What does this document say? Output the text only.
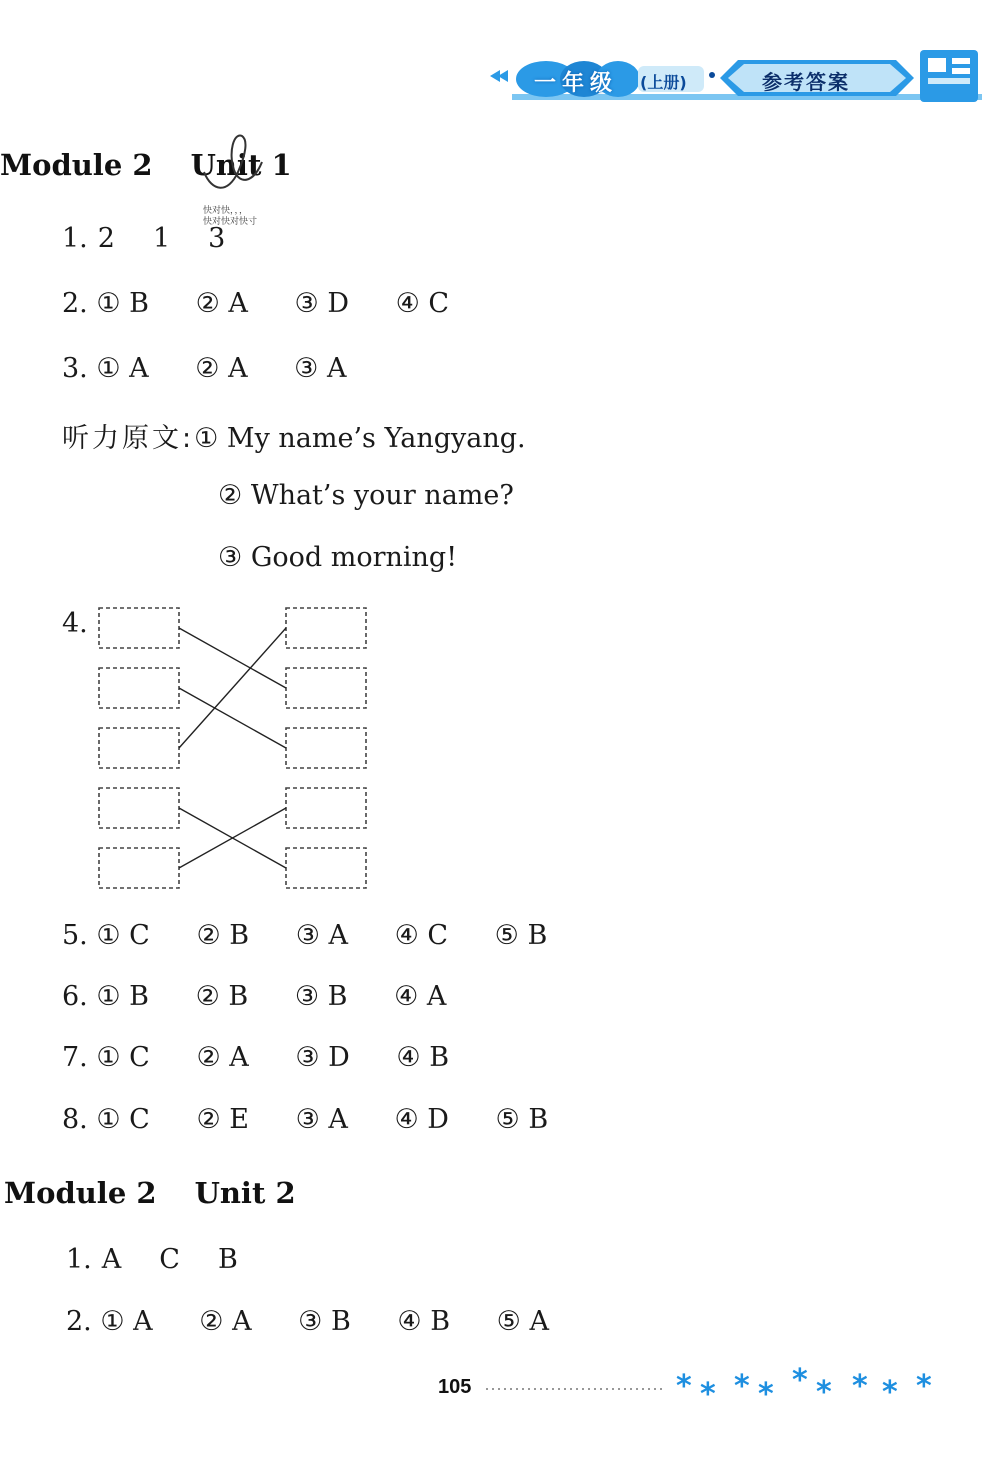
一年级 (上册)	参考答案
Module 2 Unit 1
快对快，，，
快对快对快寸
1. 2 1 3
2. ① B ② A ③ D ④ C
3. ① A ② A ③ A
听力原文:① My name’s Yangyang.
② What’s your name?
③ Good morning!
4.
5. ① C ② B ③ A ④ C ⑤ B
6. ① B ② B ③ B ④ A
7. ① C ② A ③ D ④ B
8. ① C ② E ③ A ④ D ⑤ B
Module 2 Unit 2
1. A C B
2. ① A ② A ③ B ④ B ⑤ A
105	* * * * * * * * *
